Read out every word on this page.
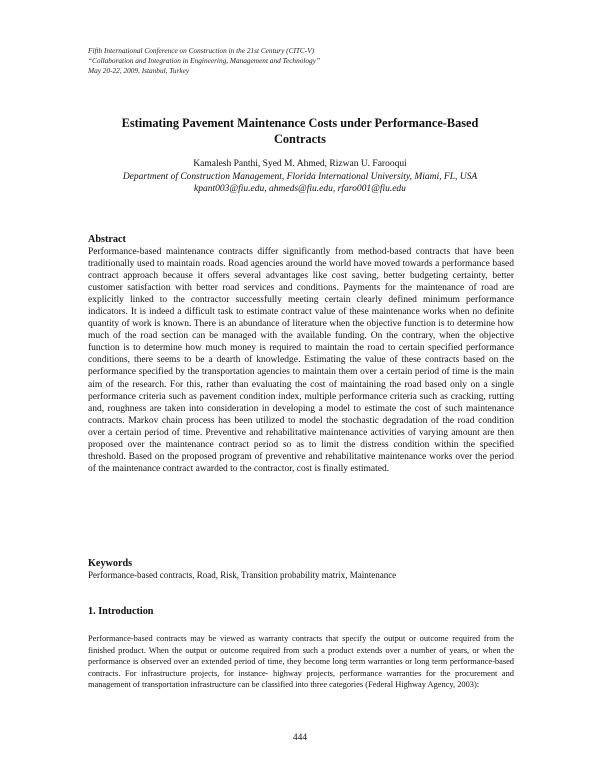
Fifth International Conference on Construction in the 21st Century (CITC-V)
“Collaboration and Integration in Engineering, Management and Technology”
May 20-22, 2009, Istanbul, Turkey
Estimating Pavement Maintenance Costs under Performance-Based Contracts
Kamalesh Panthi, Syed M. Ahmed, Rizwan U. Farooqui
Department of Construction Management, Florida International University, Miami, FL, USA
kpant003@fiu.edu, ahmeds@fiu.edu, rfaro001@fiu.edu
Abstract
Performance-based maintenance contracts differ significantly from method-based contracts that have been traditionally used to maintain roads. Road agencies around the world have moved towards a performance based contract approach because it offers several advantages like cost saving, better budgeting certainty, better customer satisfaction with better road services and conditions. Payments for the maintenance of road are explicitly linked to the contractor successfully meeting certain clearly defined minimum performance indicators. It is indeed a difficult task to estimate contract value of these maintenance works when no definite quantity of work is known. There is an abundance of literature when the objective function is to determine how much of the road section can be managed with the available funding. On the contrary, when the objective function is to determine how much money is required to maintain the road to certain specified performance conditions, there seems to be a dearth of knowledge. Estimating the value of these contracts based on the performance specified by the transportation agencies to maintain them over a certain period of time is the main aim of the research. For this, rather than evaluating the cost of maintaining the road based only on a single performance criteria such as pavement condition index, multiple performance criteria such as cracking, rutting and, roughness are taken into consideration in developing a model to estimate the cost of such maintenance contracts. Markov chain process has been utilized to model the stochastic degradation of the road condition over a certain period of time. Preventive and rehabilitative maintenance activities of varying amount are then proposed over the maintenance contract period so as to limit the distress condition within the specified threshold. Based on the proposed program of preventive and rehabilitative maintenance works over the period of the maintenance contract awarded to the contractor, cost is finally estimated.
Keywords
Performance-based contracts, Road, Risk, Transition probability matrix, Maintenance
1. Introduction
Performance-based contracts may be viewed as warranty contracts that specify the output or outcome required from the finished product. When the output or outcome required from such a product extends over a number of years, or when the performance is observed over an extended period of time, they become long term warranties or long term performance-based contracts. For infrastructure projects, for instance- highway projects, performance warranties for the procurement and management of transportation infrastructure can be classified into three categories (Federal Highway Agency, 2003):
444
